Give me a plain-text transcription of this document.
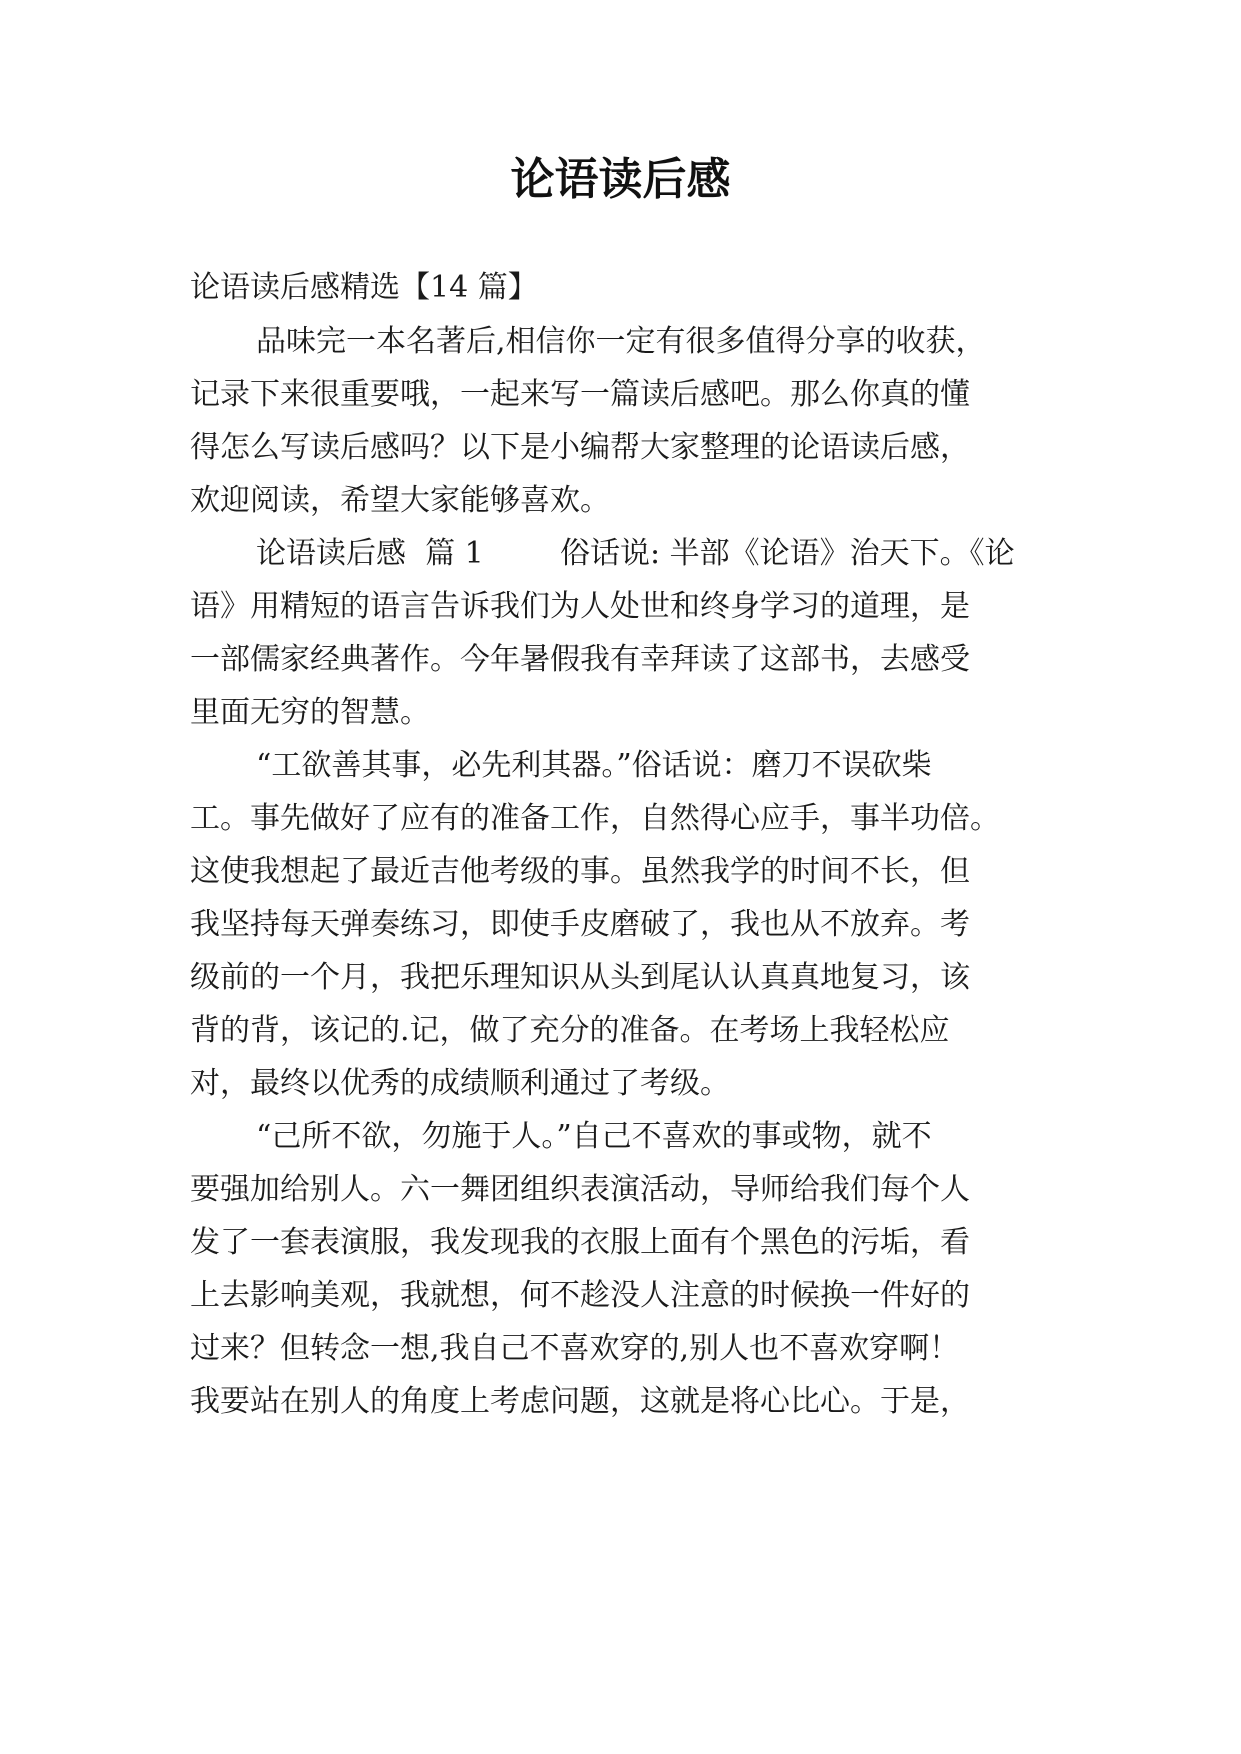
论语读后感

论语读后感精选【14 篇】

品味完一本名著后,相信你一定有很多值得分享的收获，

记录下来很重要哦，一起来写一篇读后感吧。那么你真的懂

得怎么写读后感吗？以下是小编帮大家整理的论语读后感，

欢迎阅读，希望大家能够喜欢。

论语读后感  篇 1        俗话说: 半部《论语》治天下。《论

语》用精短的语言告诉我们为人处世和终身学习的道理，是

一部儒家经典著作。今年暑假我有幸拜读了这部书，去感受

里面无穷的智慧。

“工欲善其事，必先利其器。”俗话说：磨刀不误砍柴

工。事先做好了应有的准备工作，自然得心应手，事半功倍。

这使我想起了最近吉他考级的事。虽然我学的时间不长，但

我坚持每天弹奏练习，即使手皮磨破了，我也从不放弃。考

级前的一个月，我把乐理知识从头到尾认认真真地复习，该

背的背，该记的.记，做了充分的准备。在考场上我轻松应

对，最终以优秀的成绩顺利通过了考级。

“己所不欲，勿施于人。”自己不喜欢的事或物，就不

要强加给别人。六一舞团组织表演活动，导师给我们每个人

发了一套表演服，我发现我的衣服上面有个黑色的污垢，看

上去影响美观，我就想，何不趁没人注意的时候换一件好的

过来？但转念一想,我自己不喜欢穿的,别人也不喜欢穿啊！

我要站在别人的角度上考虑问题，这就是将心比心。于是，
